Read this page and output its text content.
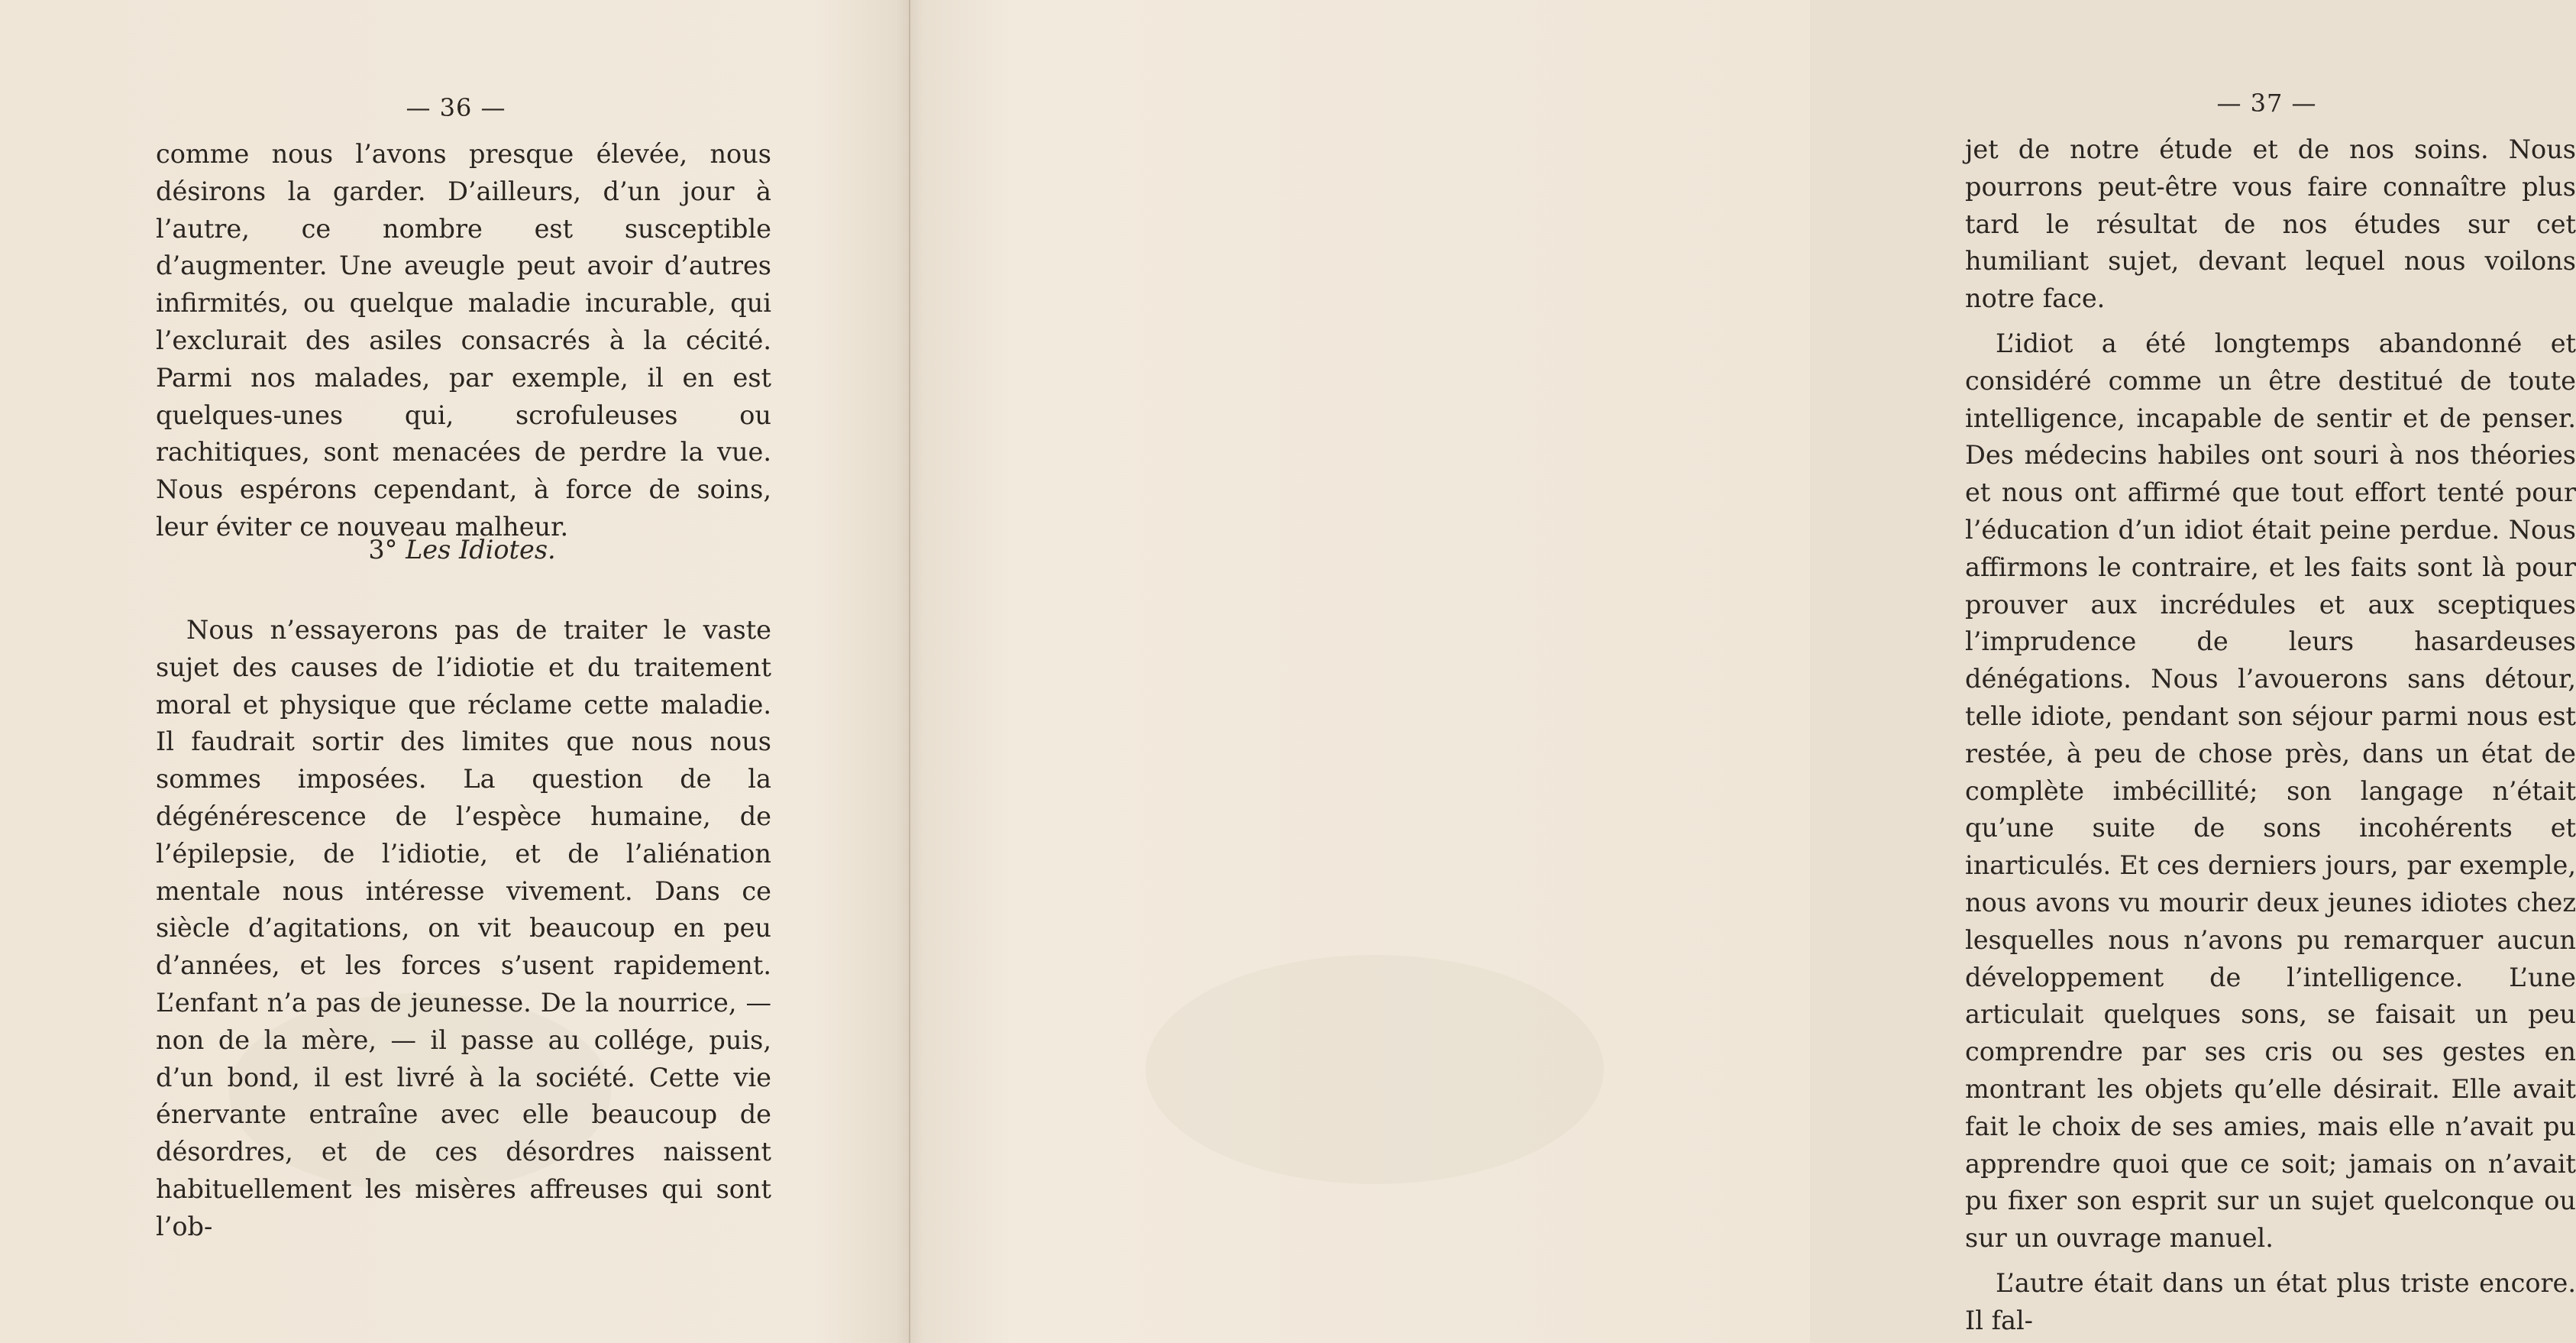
— 36 —

comme nous l’avons presque élevée, nous désirons la garder. D’ailleurs, d’un jour à l’autre, ce nombre est susceptible d’augmenter. Une aveugle peut avoir d’autres infirmités, ou quelque maladie incurable, qui l’exclurait des asiles consacrés à la cécité. Parmi nos malades, par exemple, il en est quelques-unes qui, scrofuleuses ou rachitiques, sont menacées de perdre la vue. Nous espérons cependant, à force de soins, leur éviter ce nouveau malheur.

3° Les Idiotes.

Nous n’essayerons pas de traiter le vaste sujet des causes de l’idiotie et du traitement moral et physique que réclame cette maladie. Il faudrait sortir des limites que nous nous sommes imposées. La question de la dégénérescence de l’espèce humaine, de l’épilepsie, de l’idiotie, et de l’aliénation mentale nous intéresse vivement. Dans ce siècle d’agitations, on vit beaucoup en peu d’années, et les forces s’usent rapidement. L’enfant n’a pas de jeunesse. De la nourrice, — non de la mère, — il passe au collége, puis, d’un bond, il est livré à la société. Cette vie énervante entraîne avec elle beaucoup de désordres, et de ces désordres naissent habituellement les misères affreuses qui sont l’ob-

— 37 —

jet de notre étude et de nos soins. Nous pourrons peut-être vous faire connaître plus tard le résultat de nos études sur cet humiliant sujet, devant lequel nous voilons notre face.

L’idiot a été longtemps abandonné et considéré comme un être destitué de toute intelligence, incapable de sentir et de penser. Des médecins habiles ont souri à nos théories et nous ont affirmé que tout effort tenté pour l’éducation d’un idiot était peine perdue. Nous affirmons le contraire, et les faits sont là pour prouver aux incrédules et aux sceptiques l’imprudence de leurs hasardeuses dénégations. Nous l’avouerons sans détour, telle idiote, pendant son séjour parmi nous est restée, à peu de chose près, dans un état de complète imbécillité; son langage n’était qu’une suite de sons incohérents et inarticulés. Et ces derniers jours, par exemple, nous avons vu mourir deux jeunes idiotes chez lesquelles nous n’avons pu remarquer aucun développement de l’intelligence. L’une articulait quelques sons, se faisait un peu comprendre par ses cris ou ses gestes en montrant les objets qu’elle désirait. Elle avait fait le choix de ses amies, mais elle n’avait pu apprendre quoi que ce soit; jamais on n’avait pu fixer son esprit sur un sujet quelconque ou sur un ouvrage manuel.

L’autre était dans un état plus triste encore. Il fal-
